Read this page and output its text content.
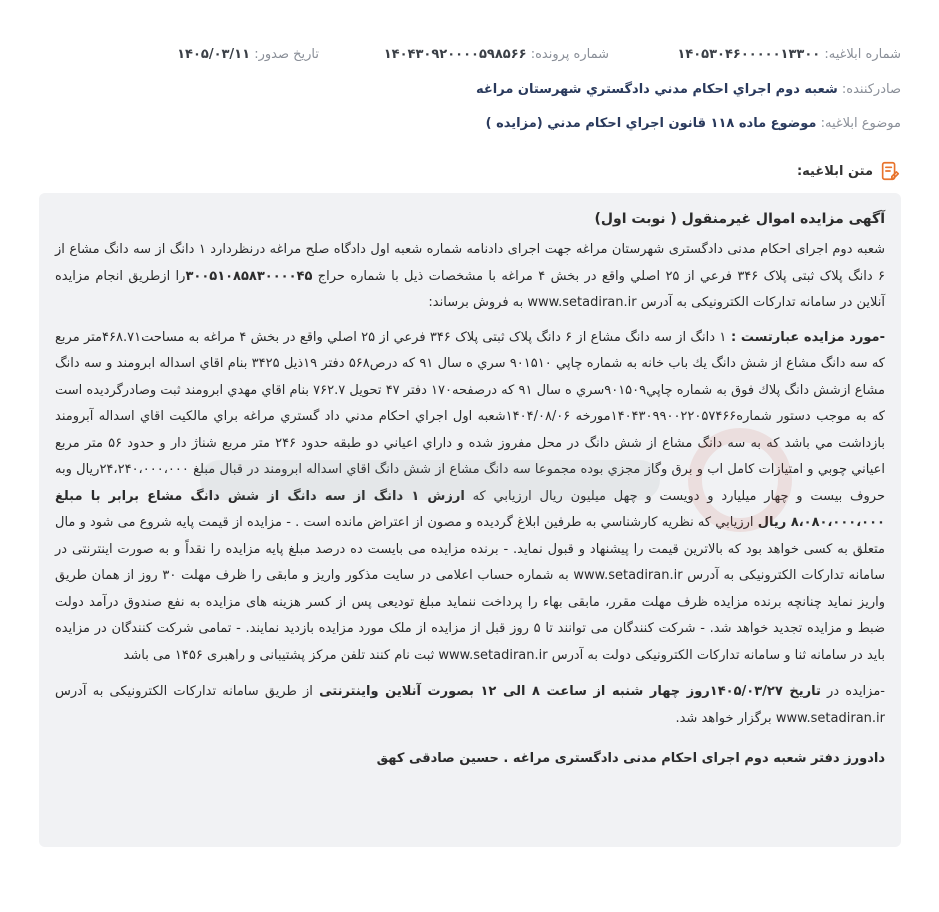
شماره ابلاغیه: ۱۴۰۵۳۰۴۶۰۰۰۰۰۱۳۳۰۰
شماره پرونده: ۱۴۰۴۳۰۹۲۰۰۰۰۵۹۸۵۶۶
تاریخ صدور: ۱۴۰۵/۰۳/۱۱
صادرکننده: شعبه دوم اجراي احكام مدني دادگستري شهرستان مراغه
موضوع ابلاغیه: موضوع ماده ۱۱۸ قانون اجراي احكام مدني (مزايده )
متن ابلاغیه:

آگهی مزایده اموال غیرمنقول ( نوبت اول)

شعبه دوم اجرای احکام مدنی دادگستری شهرستان مراغه جهت اجرای دادنامه شماره شعبه اول دادگاه صلح مراغه درنظردارد ۱ دانگ از سه دانگ مشاع از ۶ دانگ پلاک ثبتی پلاک ۳۴۶ فرعي از ۲۵ اصلي واقع در بخش ۴ مراغه با مشخصات ذیل با شماره حراج ۳۰۰۵۱۰۸۵۸۳۰۰۰۰۴۵را ازطریق انجام مزایده آنلاین در سامانه تدارکات الکترونیکی به آدرس www.setadiran.ir به فروش برساند:

-مورد مزایده عبارتست : ۱ دانگ از سه دانگ مشاع از ۶ دانگ پلاک ثبتی پلاک ۳۴۶ فرعي از ۲۵ اصلي واقع در بخش ۴ مراغه به مساحت۴۶۸.۷۱متر مربع که سه دانگ مشاع از شش دانگ يك باب خانه به شماره چاپي ۹۰۱۵۱۰ سري ه سال ۹۱ که درص۵۶۸ دفتر ۱۹ذیل ۳۴۲۵ بنام اقاي اسداله ابرومند و سه دانگ مشاع ازشش دانگ پلاك فوق به شماره چاپي۹۰۱۵۰۹سري ه سال ۹۱ که درصفحه۱۷۰ دفتر ۴۷ تحويل ۷۶۲.۷ بنام اقاي مهدي ابرومند ثبت وصادرگرديده است که به موجب دستور شماره۱۴۰۴۳۰۹۹۰۰۲۲۰۵۷۴۶۶مورخه ۱۴۰۴/۰۸/۰۶شعبه اول اجراي احكام مدني داد گستري مراغه براي مالكيت اقاي اسداله آبرومند بازداشت مي باشد که به سه دانگ مشاع از شش دانگ در محل مفروز شده و داراي اعياني دو طبقه حدود ۲۴۶ متر مربع شناژ دار و حدود ۵۶ متر مربع اعياني چوبي و امتيازات كامل اب و برق وگاز مجزي بوده مجموعا سه دانگ مشاع از شش دانگ اقاي اسداله ابرومند در قبال مبلغ ۲۴،۲۴۰،۰۰۰،۰۰۰ريال وبه حروف بيست و چهار ميليارد و دويست و چهل ميليون ريال ارزيابي كه ارزش ۱ دانگ از سه دانگ از شش دانگ مشاع برابر با مبلغ ۸،۰۸۰،۰۰۰،۰۰۰ ریال ارزيابي كه نظريه كارشناسي به طرفين ابلاغ گرديده و مصون از اعتراض مانده است . - مزايده از قيمت پايه شروع مى شود و مال متعلق به کسی خواهد بود که بالاترين قيمت را پيشنهاد و قبول نمايد. - برنده مزايده مى بايست ده درصد مبلغ پايه مزايده را نقداً و به صورت اينترنتی در سامانه تدارکات الکترونيکی به آدرس www.setadiran.ir به شماره حساب اعلامی در سايت مذکور واريز و مابقی را ظرف مهلت ۳۰ روز از همان طريق واريز نمايد چنانچه برنده مزايده ظرف مهلت مقرر، مابقی بهاء را پرداخت ننمايد مبلغ توديعی پس از کسر هزينه های مزايده به نفع صندوق درآمد دولت ضبط و مزايده تجديد خواهد شد. - شرکت کنندگان می توانند تا ۵ روز قبل از مزايده از ملک مورد مزايده بازديد نمايند. - تمامی شرکت کنندگان در مزايده بايد در سامانه ثنا و سامانه تدارکات الکترونيکی دولت به آدرس www.setadiran.ir ثبت نام کنند تلفن مرکز پشتيبانی و راهبری ۱۴۵۶ می باشد

-مزايده در تاريخ ۱۴۰۵/۰۳/۲۷روز چهار شنبه از ساعت ۸ الی ۱۲ بصورت آنلاين واينترنتی از طريق سامانه تدارکات الکترونيکی به آدرس www.setadiran.ir برگزار خواهد شد.

دادورز دفتر شعبه دوم اجرای احکام مدنی دادگستری مراغه . حسین صادقی کهق
